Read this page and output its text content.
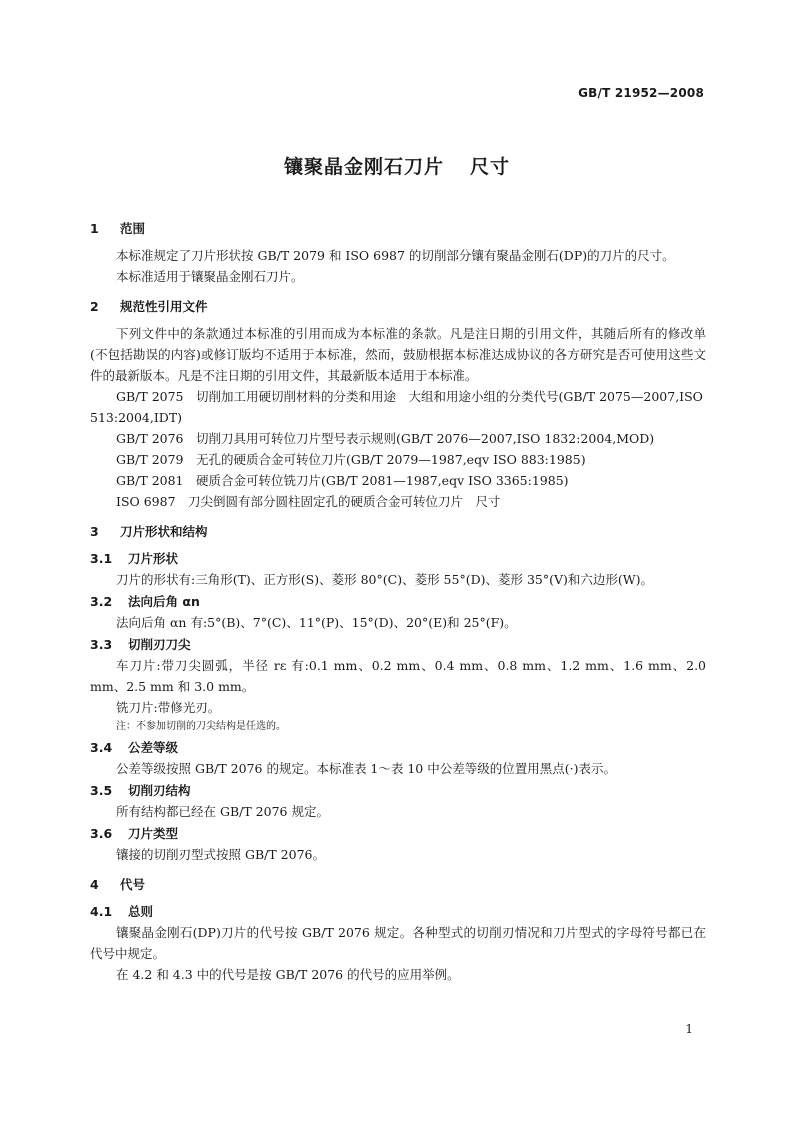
GB/T 21952—2008
镶聚晶金刚石刀片 尺寸
1 范围

本标准规定了刀片形状按 GB/T 2079 和 ISO 6987 的切削部分镶有聚晶金刚石(DP)的刀片的尺寸。

本标准适用于镶聚晶金刚石刀片。

2 规范性引用文件

下列文件中的条款通过本标准的引用而成为本标准的条款。凡是注日期的引用文件，其随后所有的修改单(不包括勘误的内容)或修订版均不适用于本标准，然而，鼓励根据本标准达成协议的各方研究是否可使用这些文件的最新版本。凡是不注日期的引用文件，其最新版本适用于本标准。

GB/T 2075　切削加工用硬切削材料的分类和用途　大组和用途小组的分类代号(GB/T 2075—2007,ISO 513:2004,IDT)

GB/T 2076　切削刀具用可转位刀片型号表示规则(GB/T 2076—2007,ISO 1832:2004,MOD)

GB/T 2079　无孔的硬质合金可转位刀片(GB/T 2079—1987,eqv ISO 883:1985)

GB/T 2081　硬质合金可转位铣刀片(GB/T 2081—1987,eqv ISO 3365:1985)

ISO 6987　刀尖倒圆有部分圆柱固定孔的硬质合金可转位刀片　尺寸

3 刀片形状和结构
3.1 刀片形状

刀片的形状有:三角形(T)、正方形(S)、菱形 80°(C)、菱形 55°(D)、菱形 35°(V)和六边形(W)。

3.2 法向后角 αn

法向后角 αn 有:5°(B)、7°(C)、11°(P)、15°(D)、20°(E)和 25°(F)。

3.3 切削刃刀尖

车刀片:带刀尖圆弧，半径 rε 有:0.1 mm、0.2 mm、0.4 mm、0.8 mm、1.2 mm、1.6 mm、2.0 mm、2.5 mm 和 3.0 mm。

铣刀片:带修光刃。

注：不参加切削的刀尖结构是任选的。

3.4 公差等级

公差等级按照 GB/T 2076 的规定。本标准表 1～表 10 中公差等级的位置用黑点(·)表示。

3.5 切削刃结构

所有结构都已经在 GB/T 2076 规定。

3.6 刀片类型

镶接的切削刃型式按照 GB/T 2076。

4 代号
4.1 总则

镶聚晶金刚石(DP)刀片的代号按 GB/T 2076 规定。各种型式的切削刃情况和刀片型式的字母符号都已在代号中规定。

在 4.2 和 4.3 中的代号是按 GB/T 2076 的代号的应用举例。

1
